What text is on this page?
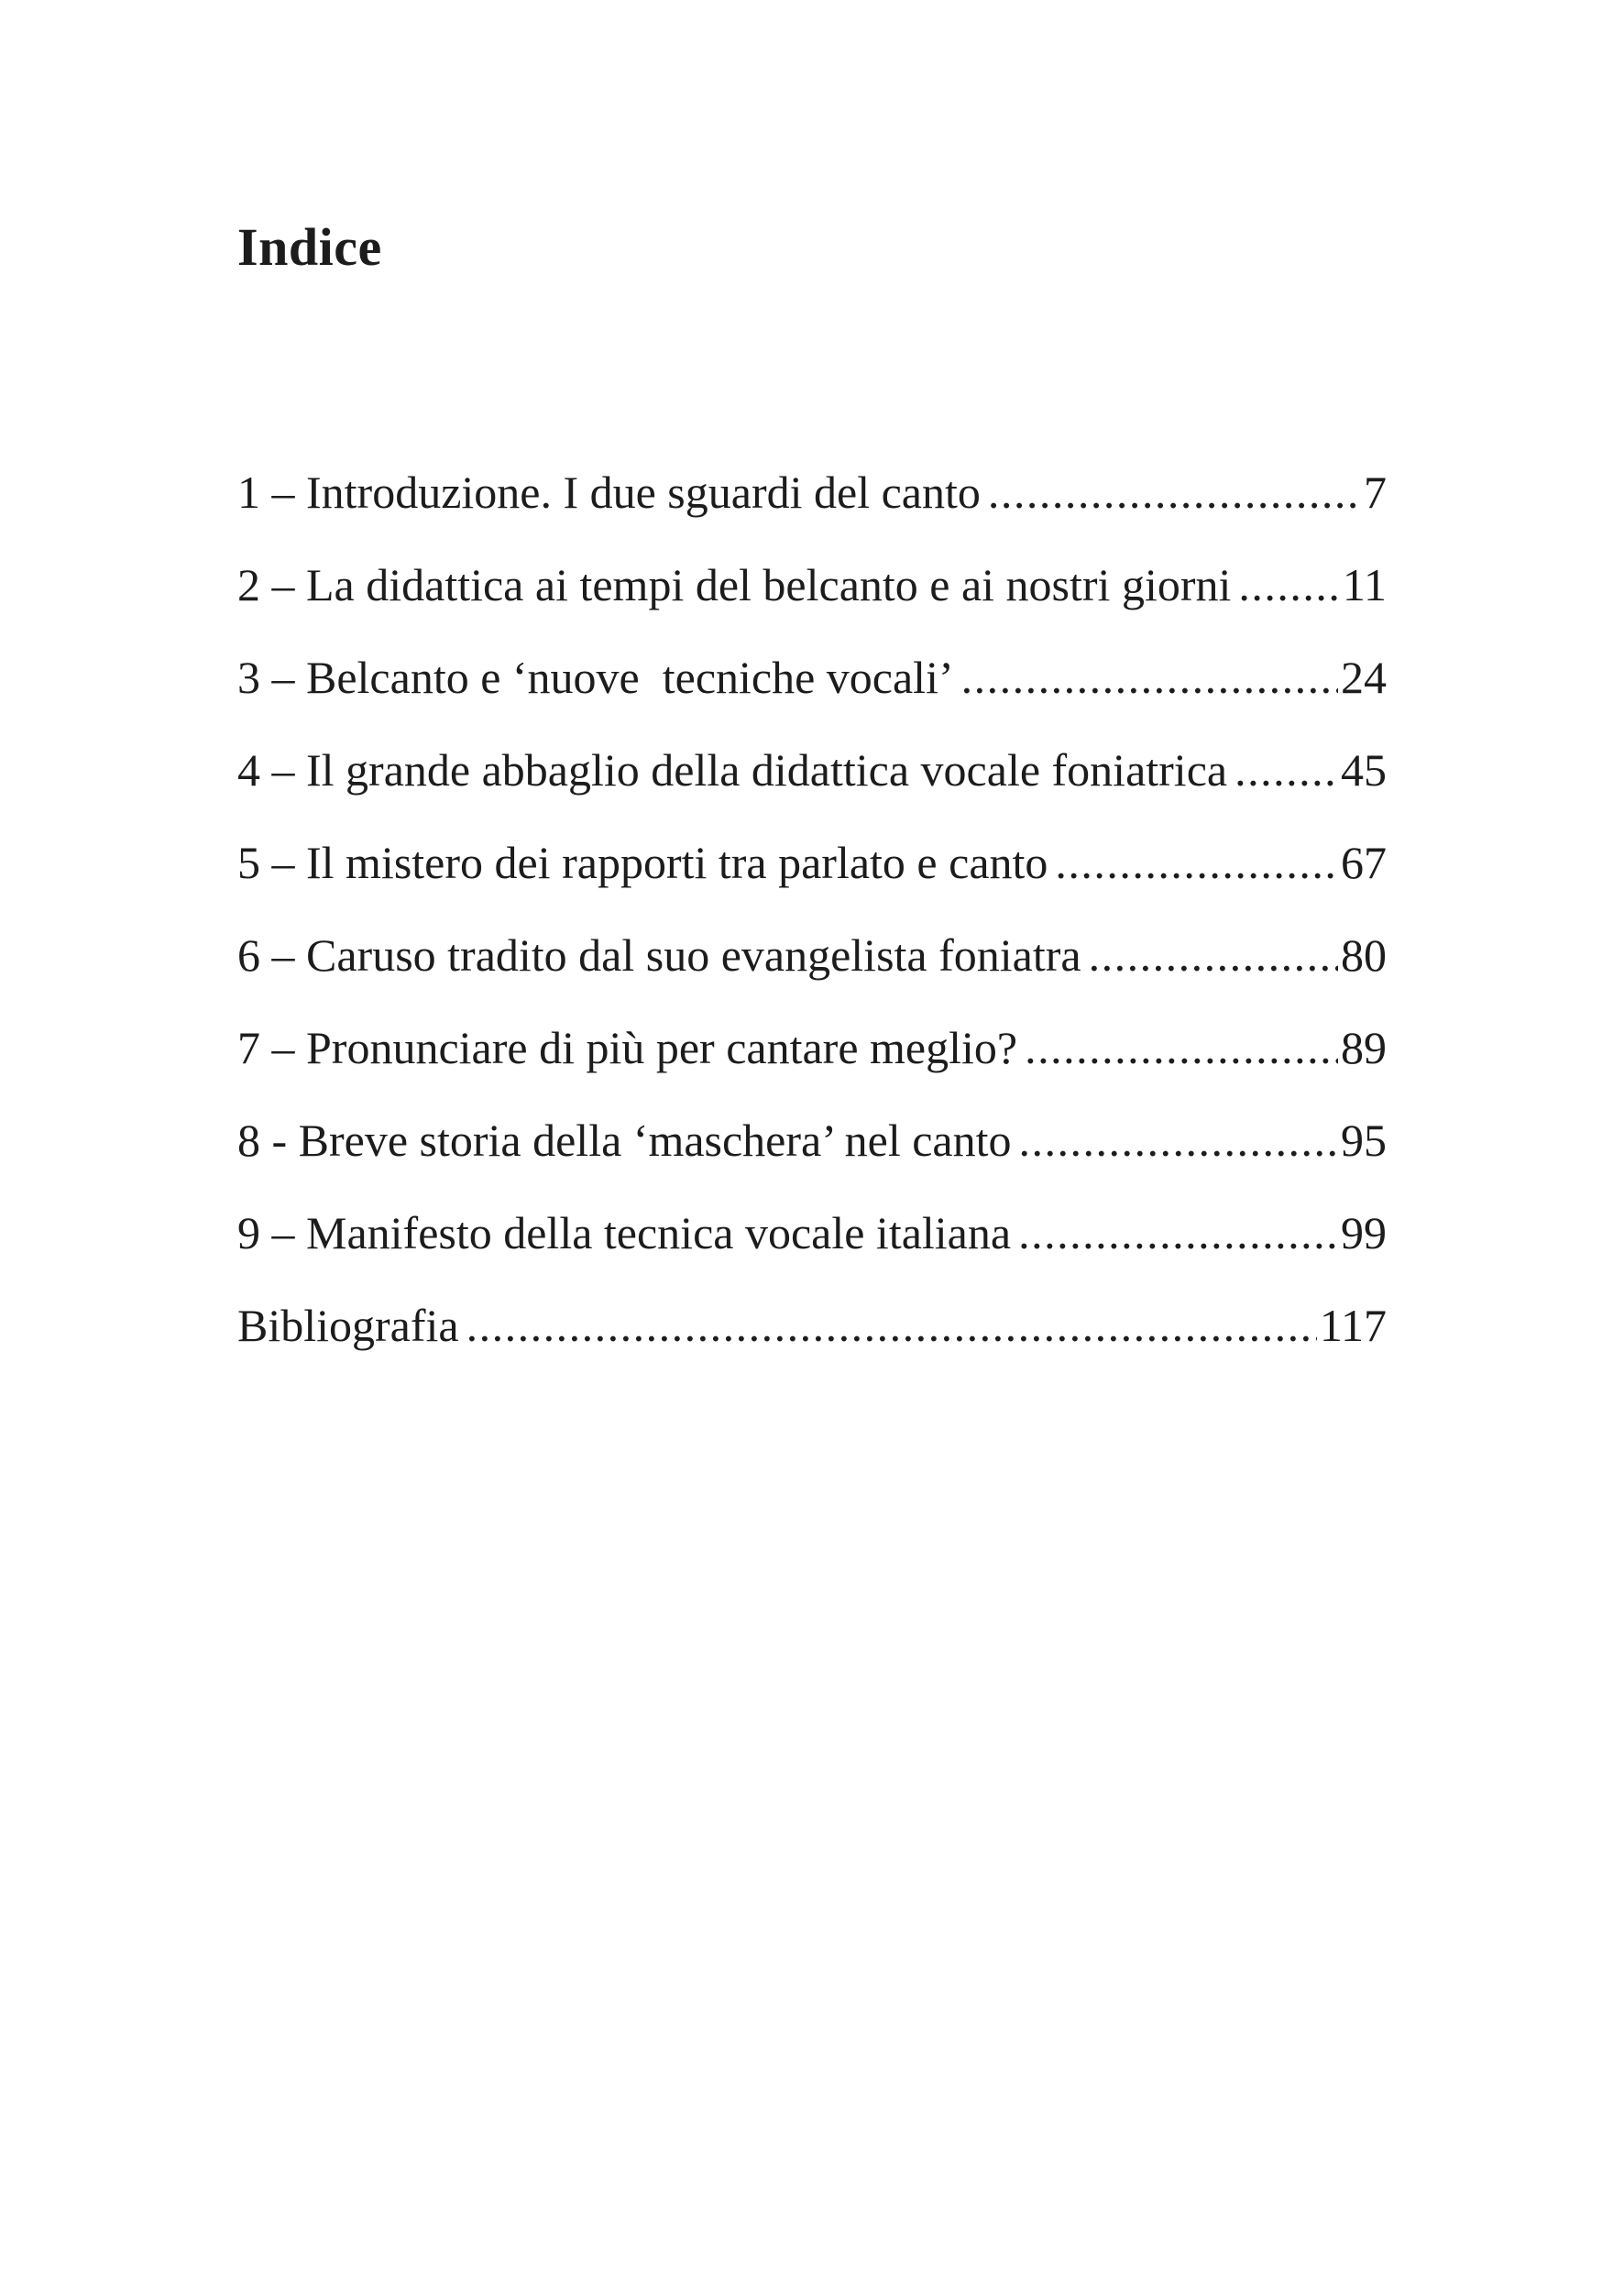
Indice
1 – Introduzione. I due sguardi del canto .....	7
2 – La didattica ai tempi del belcanto e ai nostri giorni ..... 11
3 – Belcanto e ‘nuove  tecniche vocali’ .....	24
4 – Il grande abbaglio della didattica vocale foniatrica ..... 45
5 – Il mistero dei rapporti tra parlato e canto .....	67
6 – Caruso tradito dal suo evangelista foniatra .....	80
7 – Pronunciare di più per cantare meglio? .....	89
8 - Breve storia della ‘maschera’ nel canto .....	95
9 – Manifesto della tecnica vocale italiana .....	99
Bibliografia .....	117
